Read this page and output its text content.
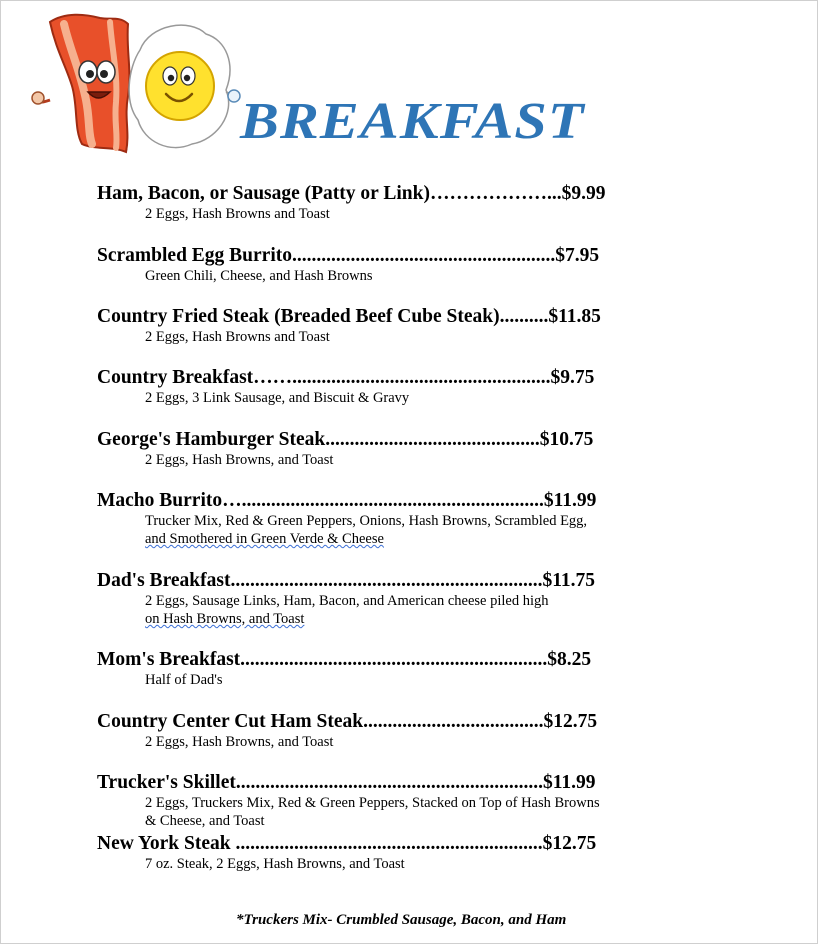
BREAKFAST
Ham, Bacon, or Sausage (Patty or Link)………………...$9.99
2 Eggs, Hash Browns and Toast
Scrambled Egg Burrito......................................................$7.95
Green Chili, Cheese, and Hash Browns
Country Fried Steak (Breaded Beef Cube Steak)..........$11.85
2 Eggs, Hash Browns and Toast
Country Breakfast…….....................................................$9.75
2 Eggs, 3 Link Sausage, and Biscuit & Gravy
George's Hamburger Steak............................................$10.75
2 Eggs, Hash Browns, and Toast
Macho Burrito…..............................................................$11.99
Trucker Mix, Red & Green Peppers, Onions, Hash Browns, Scrambled Egg,
and Smothered in Green Verde & Cheese
Dad's Breakfast................................................................$11.75
2 Eggs, Sausage Links, Ham, Bacon, and American cheese piled high
on Hash Browns, and Toast
Mom's Breakfast...............................................................$8.25
Half of Dad's
Country Center Cut Ham Steak.....................................$12.75
2 Eggs, Hash Browns, and Toast
Trucker's Skillet...............................................................$11.99
2 Eggs, Truckers Mix, Red & Green Peppers, Stacked on Top of Hash Browns
& Cheese, and Toast
New York Steak ...............................................................$12.75
7 oz. Steak, 2 Eggs, Hash Browns, and Toast
*Truckers Mix- Crumbled Sausage, Bacon, and Ham
